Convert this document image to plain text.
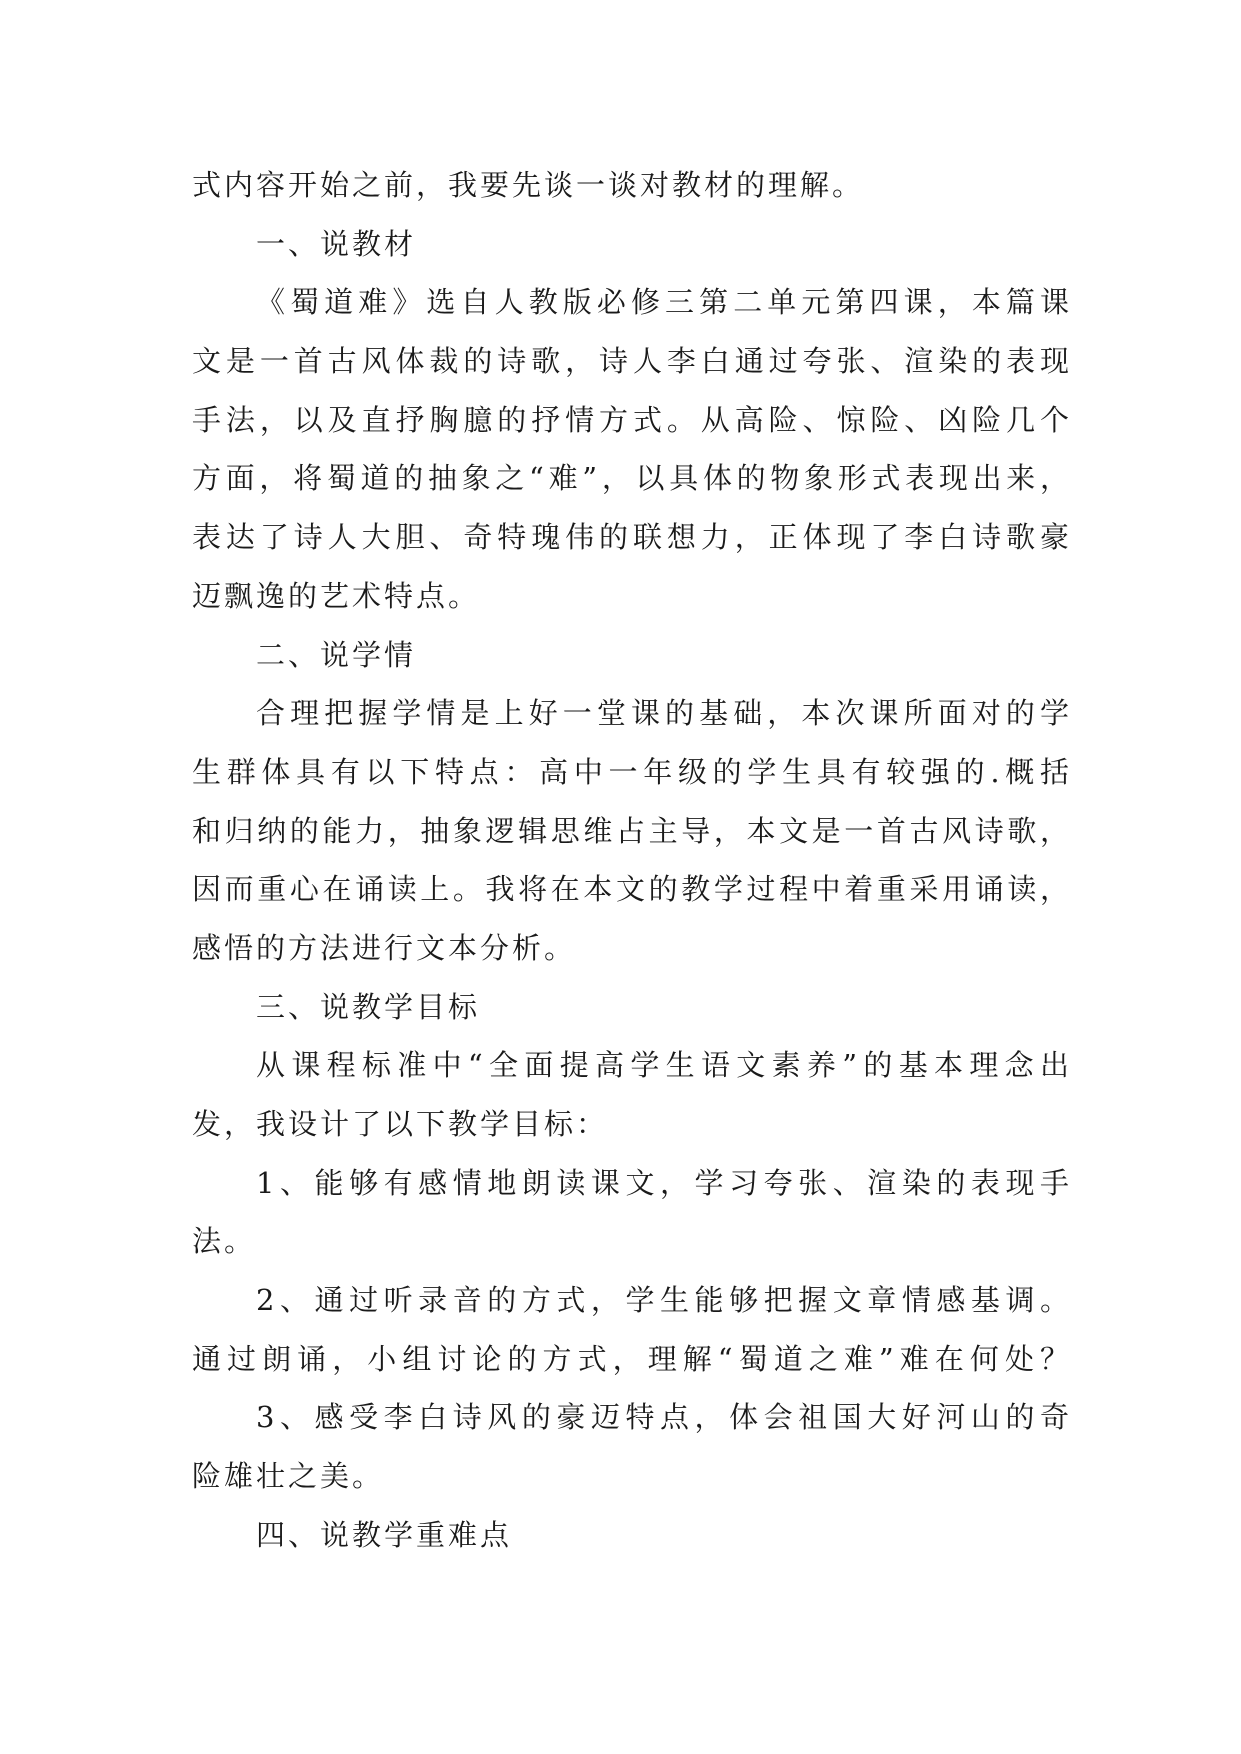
式内容开始之前，我要先谈一谈对教材的理解。
一、说教材
《蜀道难》选自人教版必修三第二单元第四课，本篇课
文是一首古风体裁的诗歌，诗人李白通过夸张、渲染的表现
手法，以及直抒胸臆的抒情方式。从高险、惊险、凶险几个
方面，将蜀道的抽象之“难”，以具体的物象形式表现出来，
表达了诗人大胆、奇特瑰伟的联想力，正体现了李白诗歌豪
迈飘逸的艺术特点。
二、说学情
合理把握学情是上好一堂课的基础，本次课所面对的学
生群体具有以下特点：高中一年级的学生具有较强的.概括
和归纳的能力，抽象逻辑思维占主导，本文是一首古风诗歌，
因而重心在诵读上。我将在本文的教学过程中着重采用诵读，
感悟的方法进行文本分析。
三、说教学目标
从课程标准中“全面提高学生语文素养”的基本理念出
发，我设计了以下教学目标：
1、能够有感情地朗读课文，学习夸张、渲染的表现手
法。
2、通过听录音的方式，学生能够把握文章情感基调。
通过朗诵，小组讨论的方式，理解“蜀道之难”难在何处？
3、感受李白诗风的豪迈特点，体会祖国大好河山的奇
险雄壮之美。
四、说教学重难点
